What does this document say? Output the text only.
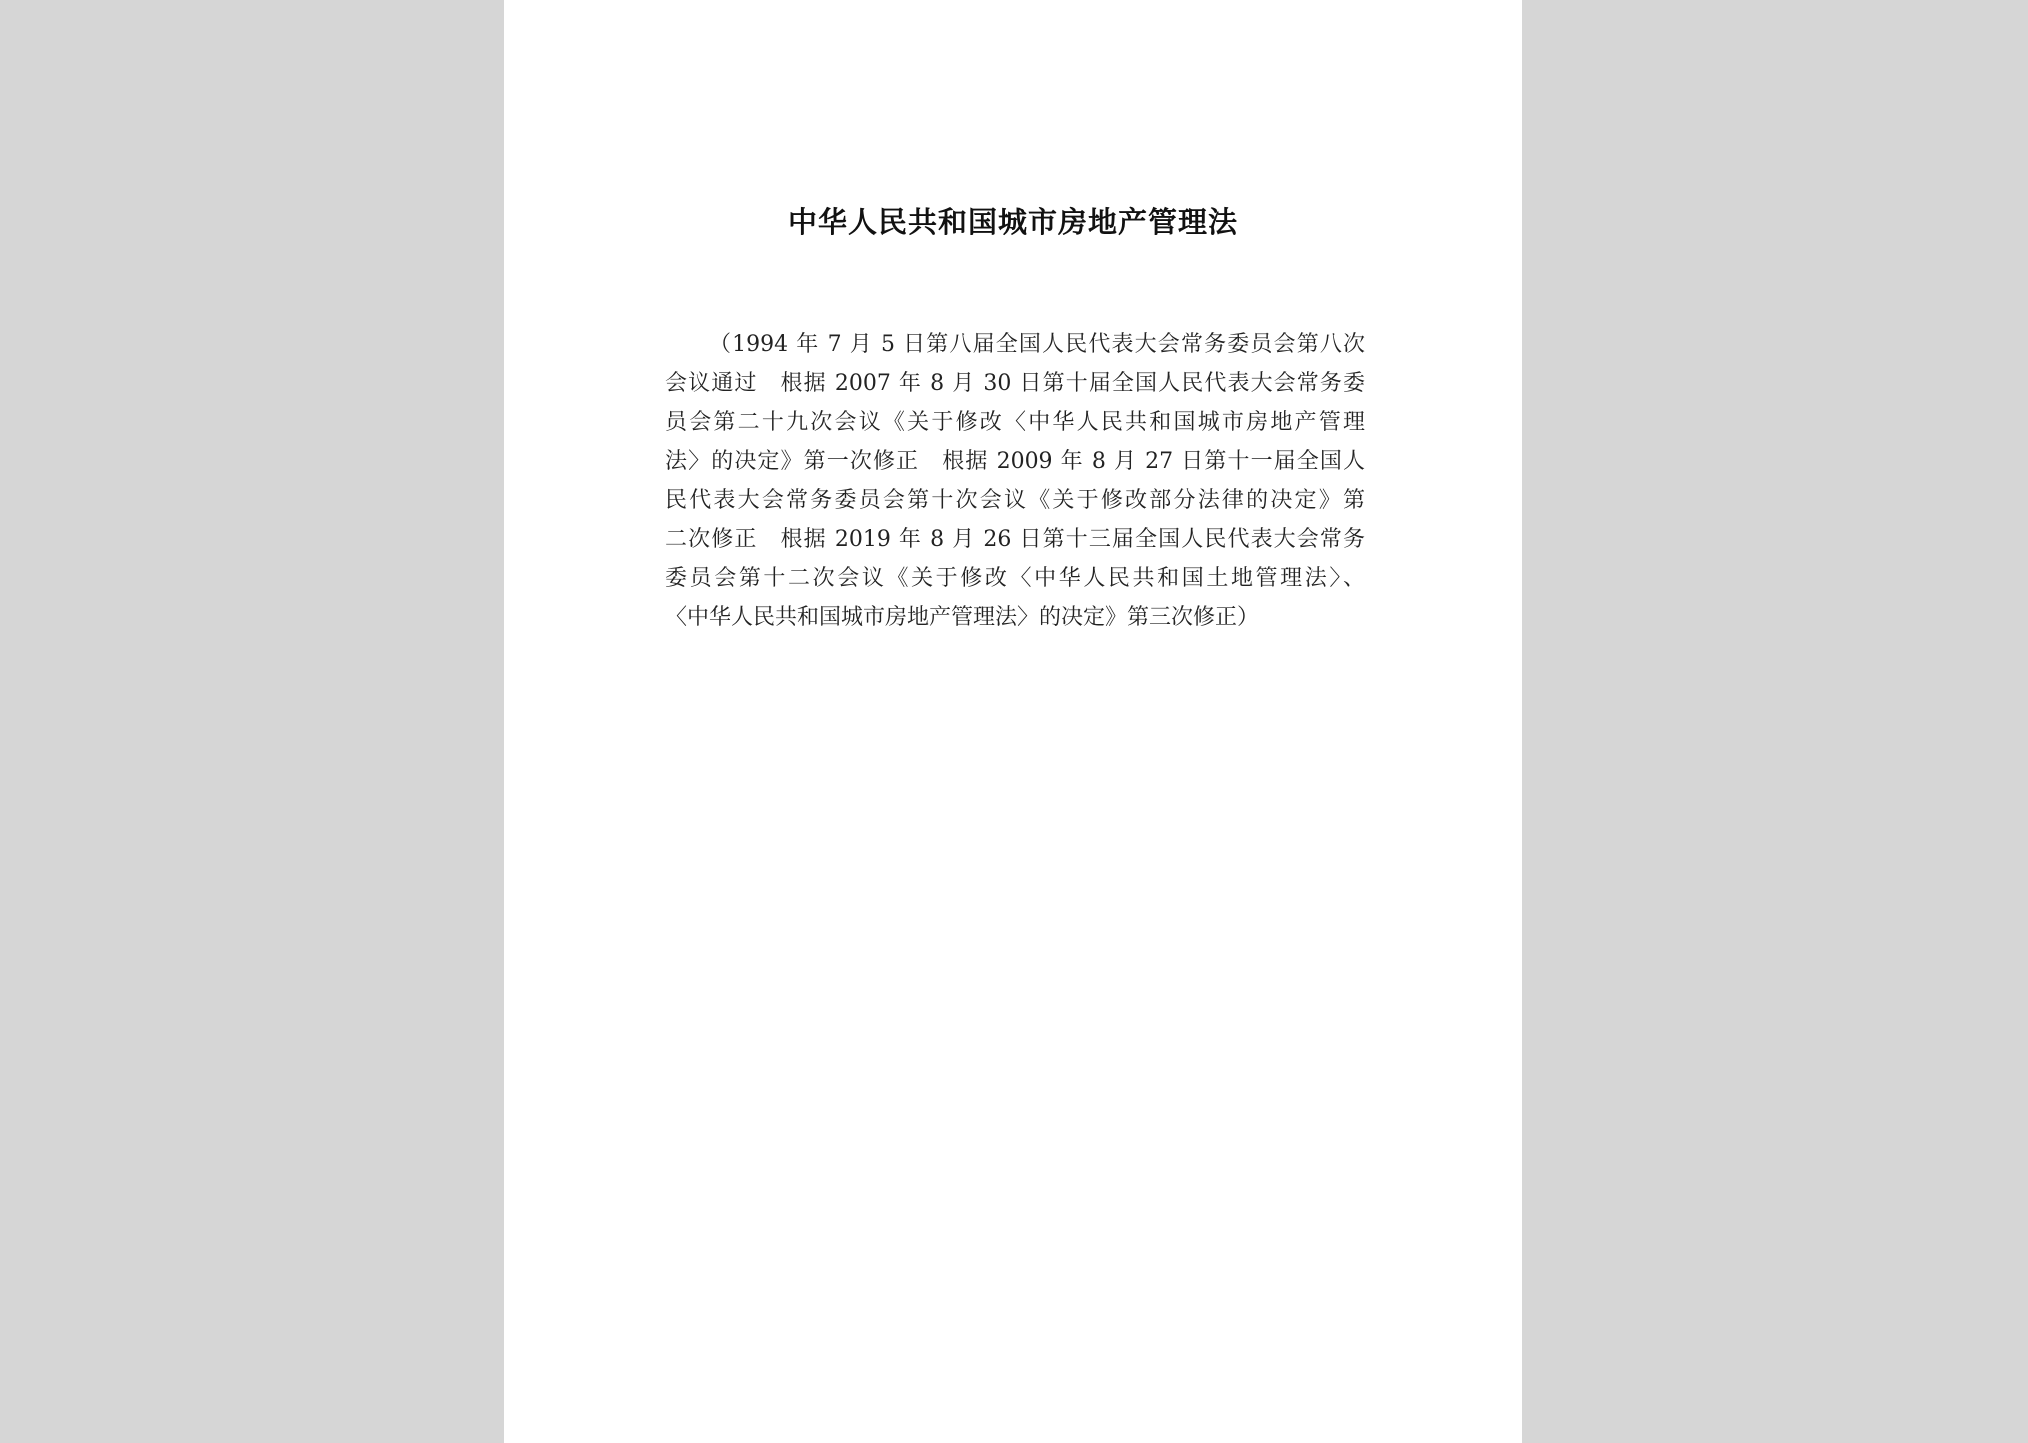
中华人民共和国城市房地产管理法

（1994 年 7 月 5 日第八届全国人民代表大会常务委员会第八次
会议通过　根据 2007 年 8 月 30 日第十届全国人民代表大会常务委
员会第二十九次会议《关于修改〈中华人民共和国城市房地产管理
法〉的决定》第一次修正　根据 2009 年 8 月 27 日第十一届全国人
民代表大会常务委员会第十次会议《关于修改部分法律的决定》第
二次修正　根据 2019 年 8 月 26 日第十三届全国人民代表大会常务
委员会第十二次会议《关于修改〈中华人民共和国土地管理法〉、
〈中华人民共和国城市房地产管理法〉的决定》第三次修正）
